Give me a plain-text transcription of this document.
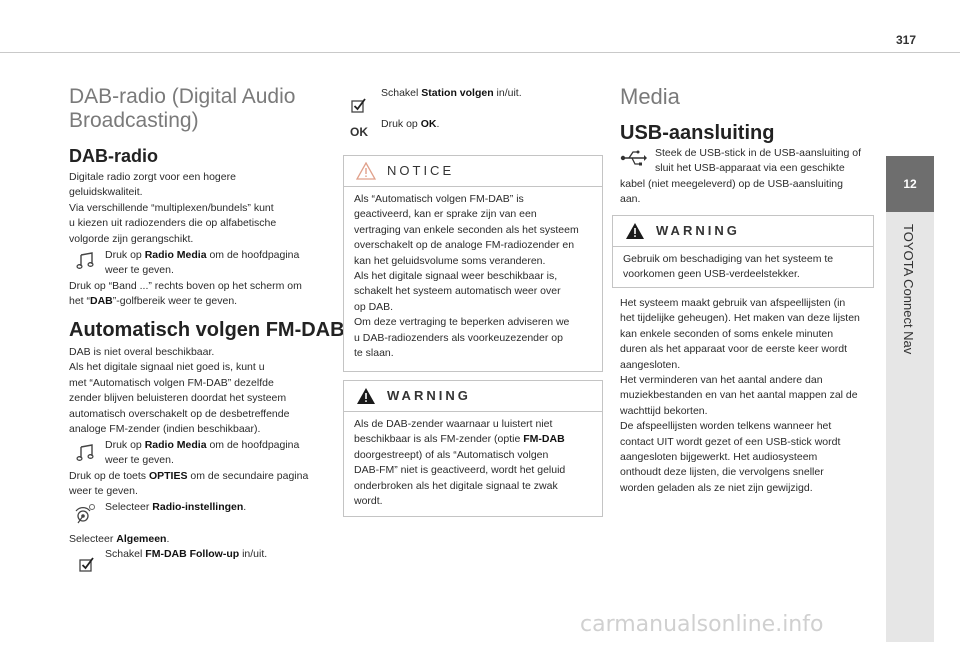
317
12
TOYOTA Connect Nav
DAB-radio (Digital Audio
Broadcasting)
DAB-radio
Digitale radio zorgt voor een hogere
geluidskwaliteit.
Via verschillende “multiplexen/bundels” kunt
u kiezen uit radiozenders die op alfabetische
volgorde zijn gerangschikt.
Druk op Radio Media om de hoofdpagina
weer te geven.
Druk op “Band ...” rechts boven op het scherm om
het “DAB”-golfbereik weer te geven.
Automatisch volgen FM-DAB
DAB is niet overal beschikbaar.
Als het digitale signaal niet goed is, kunt u
met “Automatisch volgen FM-DAB” dezelfde
zender blijven beluisteren doordat het systeem
automatisch overschakelt op de desbetreffende
analoge FM-zender (indien beschikbaar).
Druk op Radio Media om de hoofdpagina
weer te geven.
Druk op de toets OPTIES om de secundaire pagina
weer te geven.
Selecteer Radio-instellingen.
Selecteer Algemeen.
Schakel FM-DAB Follow-up in/uit.
Schakel Station volgen in/uit.
OK
Druk op OK.
NOTICE
Als “Automatisch volgen FM-DAB” is
geactiveerd, kan er sprake zijn van een
vertraging van enkele seconden als het systeem
overschakelt op de analoge FM-radiozender en
kan het geluidsvolume soms veranderen.
Als het digitale signaal weer beschikbaar is,
schakelt het systeem automatisch weer over
op DAB.
Om deze vertraging te beperken adviseren we
u DAB-radiozenders als voorkeuzezender op
te slaan.
WARNING
Als de DAB-zender waarnaar u luistert niet
beschikbaar is als FM-zender (optie FM-DAB
doorgestreept) of als “Automatisch volgen
DAB-FM” niet is geactiveerd, wordt het geluid
onderbroken als het digitale signaal te zwak
wordt.
Media
USB-aansluiting
Steek de USB-stick in de USB-aansluiting of
sluit het USB-apparaat via een geschikte
kabel (niet meegeleverd) op de USB-aansluiting
aan.
WARNING
Gebruik om beschadiging van het systeem te
voorkomen geen USB-verdeelstekker.
Het systeem maakt gebruik van afspeellijsten (in
het tijdelijke geheugen). Het maken van deze lijsten
kan enkele seconden of soms enkele minuten
duren als het apparaat voor de eerste keer wordt
aangesloten.
Het verminderen van het aantal andere dan
muziekbestanden en van het aantal mappen zal de
wachttijd bekorten.
De afspeellijsten worden telkens wanneer het
contact UIT wordt gezet of een USB-stick wordt
aangesloten bijgewerkt. Het audiosysteem
onthoudt deze lijsten, die vervolgens sneller
worden geladen als ze niet zijn gewijzigd.
carmanualsonline.info
